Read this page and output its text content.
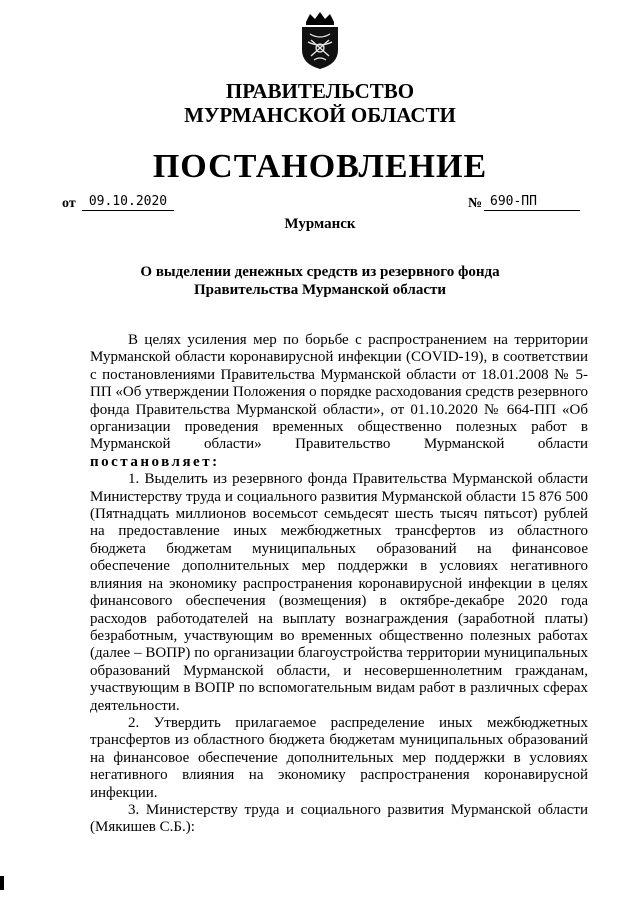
ПРАВИТЕЛЬСТВО
МУРМАНСКОЙ ОБЛАСТИ
ПОСТАНОВЛЕНИЕ
от	09.10.2020	№ 690-ПП
Мурманск
О выделении денежных средств из резервного фонда
Правительства Мурманской области

В целях усиления мер по борьбе с распространением на территории Мурманской области коронавирусной инфекции (COVID-19), в соответствии с постановлениями Правительства Мурманской области от 18.01.2008 № 5-ПП «Об утверждении Положения о порядке расходования средств резервного фонда Правительства Мурманской области», от 01.10.2020 № 664-ПП «Об организации проведения временных общественно полезных работ в Мурманской области» Правительство Мурманской области постановляет:

1. Выделить из резервного фонда Правительства Мурманской области Министерству труда и социального развития Мурманской области 15 876 500 (Пятнадцать миллионов восемьсот семьдесят шесть тысяч пятьсот) рублей на предоставление иных межбюджетных трансфертов из областного бюджета бюджетам муниципальных образований на финансовое обеспечение дополнительных мер поддержки в условиях негативного влияния на экономику распространения коронавирусной инфекции в целях финансового обеспечения (возмещения) в октябре-декабре 2020 года расходов работодателей на выплату вознаграждения (заработной платы) безработным, участвующим во временных общественно полезных работах (далее – ВОПР) по организации благоустройства территории муниципальных образований Мурманской области, и несовершеннолетним гражданам, участвующим в ВОПР по вспомогательным видам работ в различных сферах деятельности.

2. Утвердить прилагаемое распределение иных межбюджетных трансфертов из областного бюджета бюджетам муниципальных образований на финансовое обеспечение дополнительных мер поддержки в условиях негативного влияния на экономику распространения коронавирусной инфекции.

3. Министерству труда и социального развития Мурманской области (Мякишев С.Б.):
